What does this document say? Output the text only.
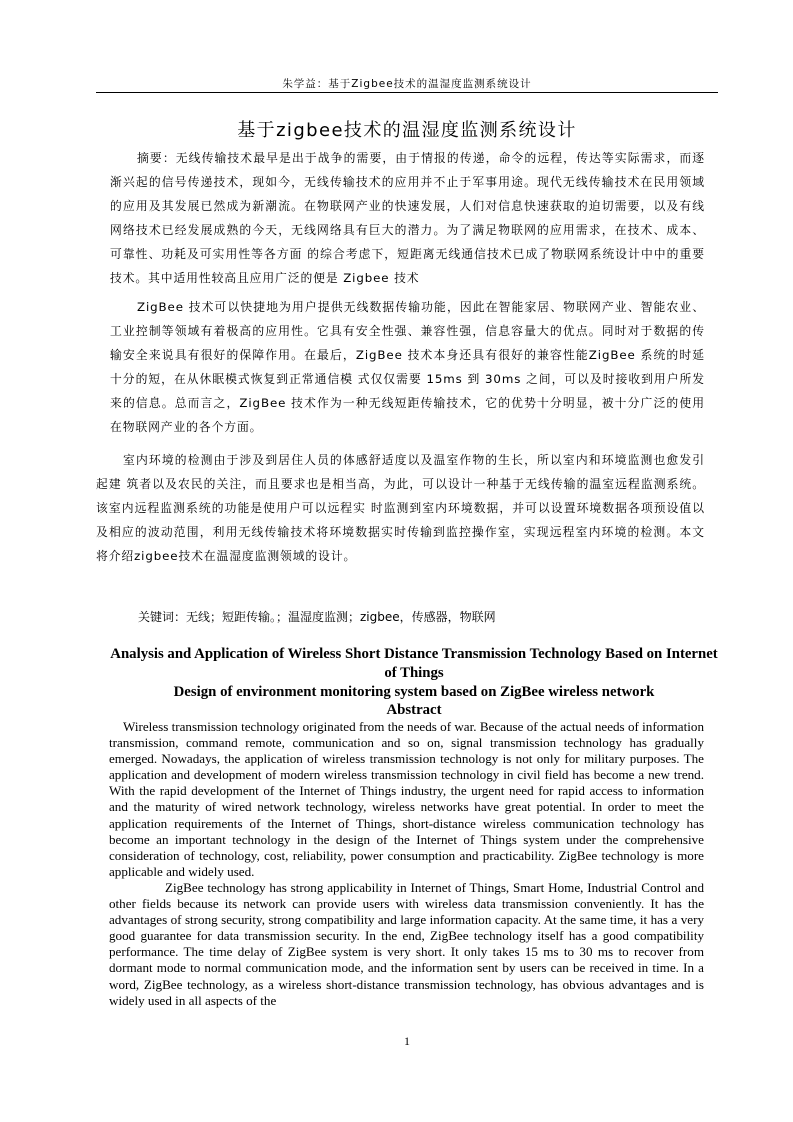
朱学益：基于Zigbee技术的温湿度监测系统设计
基于zigbee技术的温湿度监测系统设计

摘要：无线传输技术最早是出于战争的需要，由于情报的传递，命令的远程，传达等实际需求，而逐渐兴起的信号传递技术，现如今，无线传输技术的应用并不止于军事用途。现代无线传输技术在民用领域的应用及其发展已然成为新潮流。在物联网产业的快速发展，人们对信息快速获取的迫切需要，以及有线网络技术已经发展成熟的今天，无线网络具有巨大的潜力。为了满足物联网的应用需求，在技术、成本、可靠性、功耗及可实用性等各方面 的综合考虑下，短距离无线通信技术已成了物联网系统设计中中的重要技术。其中适用性较高且应用广泛的便是 Zigbee 技术

ZigBee 技术可以快捷地为用户提供无线数据传输功能，因此在智能家居、物联网产业、智能农业、工业控制等领域有着极高的应用性。它具有安全性强、兼容性强，信息容量大的优点。同时对于数据的传输安全来说具有很好的保障作用。在最后，ZigBee 技术本身还具有很好的兼容性能ZigBee 系统的时延十分的短，在从休眠模式恢复到正常通信模 式仅仅需要 15ms 到 30ms 之间，可以及时接收到用户所发来的信息。总而言之，ZigBee 技术作为一种无线短距传输技术，它的优势十分明显，被十分广泛的使用在物联网产业的各个方面。

室内环境的检测由于涉及到居住人员的体感舒适度以及温室作物的生长，所以室内和环境监测也愈发引起建 筑者以及农民的关注，而且要求也是相当高，为此，可以设计一种基于无线传输的温室远程监测系统。该室内远程监测系统的功能是使用户可以远程实 时监测到室内环境数据，并可以设置环境数据各项预设值以及相应的波动范围，利用无线传输技术将环境数据实时传输到监控操作室，实现远程室内环境的检测。本文将介绍zigbee技术在温湿度监测领域的设计。

关键词：无线；短距传输。；温湿度监测；zigbee，传感器，物联网

Analysis and Application of Wireless Short Distance Transmission Technology Based on Internet of Things

Design of environment monitoring system based on ZigBee wireless network

Abstract

Wireless transmission technology originated from the needs of war. Because of the actual needs of information transmission, command remote, communication and so on, signal transmission technology has gradually emerged. Nowadays, the application of wireless transmission technology is not only for military purposes. The application and development of modern wireless transmission technology in civil field has become a new trend. With the rapid development of the Internet of Things industry, the urgent need for rapid access to information and the maturity of wired network technology, wireless networks have great potential. In order to meet the application requirements of the Internet of Things, short-distance wireless communication technology has become an important technology in the design of the Internet of Things system under the comprehensive consideration of technology, cost, reliability, power consumption and practicability. ZigBee technology is more applicable and widely used.

ZigBee technology has strong applicability in Internet of Things, Smart Home, Industrial Control and other fields because its network can provide users with wireless data transmission conveniently. It has the advantages of strong security, strong compatibility and large information capacity. At the same time, it has a very good guarantee for data transmission security. In the end, ZigBee technology itself has a good compatibility performance. The time delay of ZigBee system is very short. It only takes 15 ms to 30 ms to recover from dormant mode to normal communication mode, and the information sent by users can be received in time. In a word, ZigBee technology, as a wireless short-distance transmission technology, has obvious advantages and is widely used in all aspects of the

1
